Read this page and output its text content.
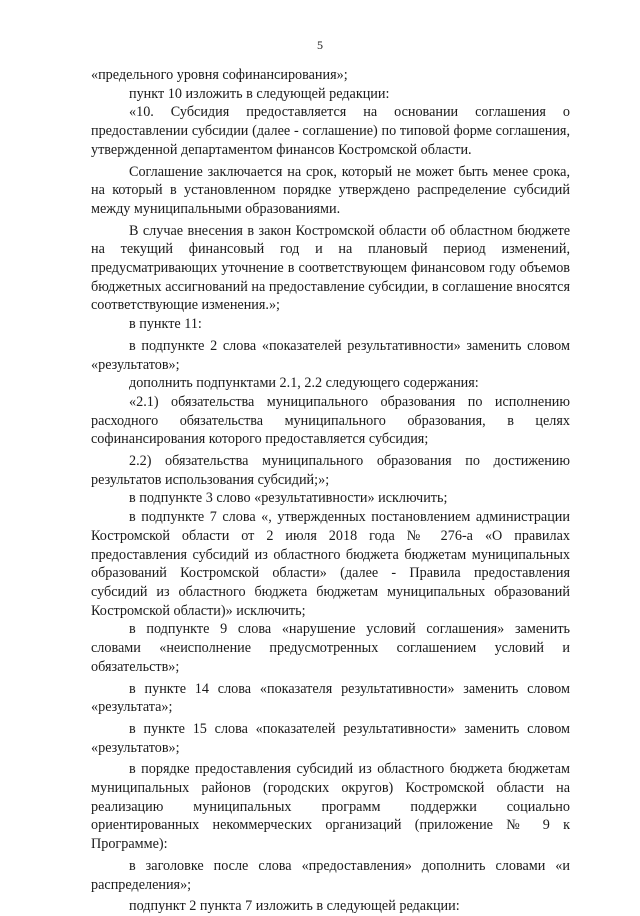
5

«предельного уровня софинансирования»;

пункт 10 изложить в следующей редакции:

«10. Субсидия предоставляется на основании соглашения о предоставлении субсидии (далее - соглашение) по типовой форме соглашения, утвержденной департаментом финансов Костромской области.

Соглашение заключается на срок, который не может быть менее срока, на который в установленном порядке утверждено распределение субсидий между муниципальными образованиями.

В случае внесения в закон Костромской области об областном бюджете на текущий финансовый год и на плановый период изменений, предусматривающих уточнение в соответствующем финансовом году объемов бюджетных ассигнований на предоставление субсидии, в соглашение вносятся соответствующие изменения.»;

в пункте 11:

в подпункте 2 слова «показателей результативности» заменить словом «результатов»;

дополнить подпунктами 2.1, 2.2 следующего содержания:

«2.1) обязательства муниципального образования по исполнению расходного обязательства муниципального образования, в целях софинансирования которого предоставляется субсидия;

2.2) обязательства муниципального образования по достижению результатов использования субсидий;»;

в подпункте 3 слово «результативности» исключить;

в подпункте 7 слова «, утвержденных постановлением администрации Костромской области от 2 июля 2018 года № 276-а «О правилах предоставления субсидий из областного бюджета бюджетам муниципальных образований Костромской области» (далее - Правила предоставления субсидий из областного бюджета бюджетам муниципальных образований Костромской области)» исключить;

в подпункте 9 слова «нарушение условий соглашения» заменить словами «неисполнение предусмотренных соглашением условий и обязательств»;

в пункте 14 слова «показателя результативности» заменить словом «результата»;

в пункте 15 слова «показателей результативности» заменить словом «результатов»;

в порядке предоставления субсидий из областного бюджета бюджетам муниципальных районов (городских округов) Костромской области на реализацию муниципальных программ поддержки социально ориентированных некоммерческих организаций (приложение № 9 к Программе):

в заголовке после слова «предоставления» дополнить словами «и распределения»;

подпункт 2 пункта 7 изложить в следующей редакции:
